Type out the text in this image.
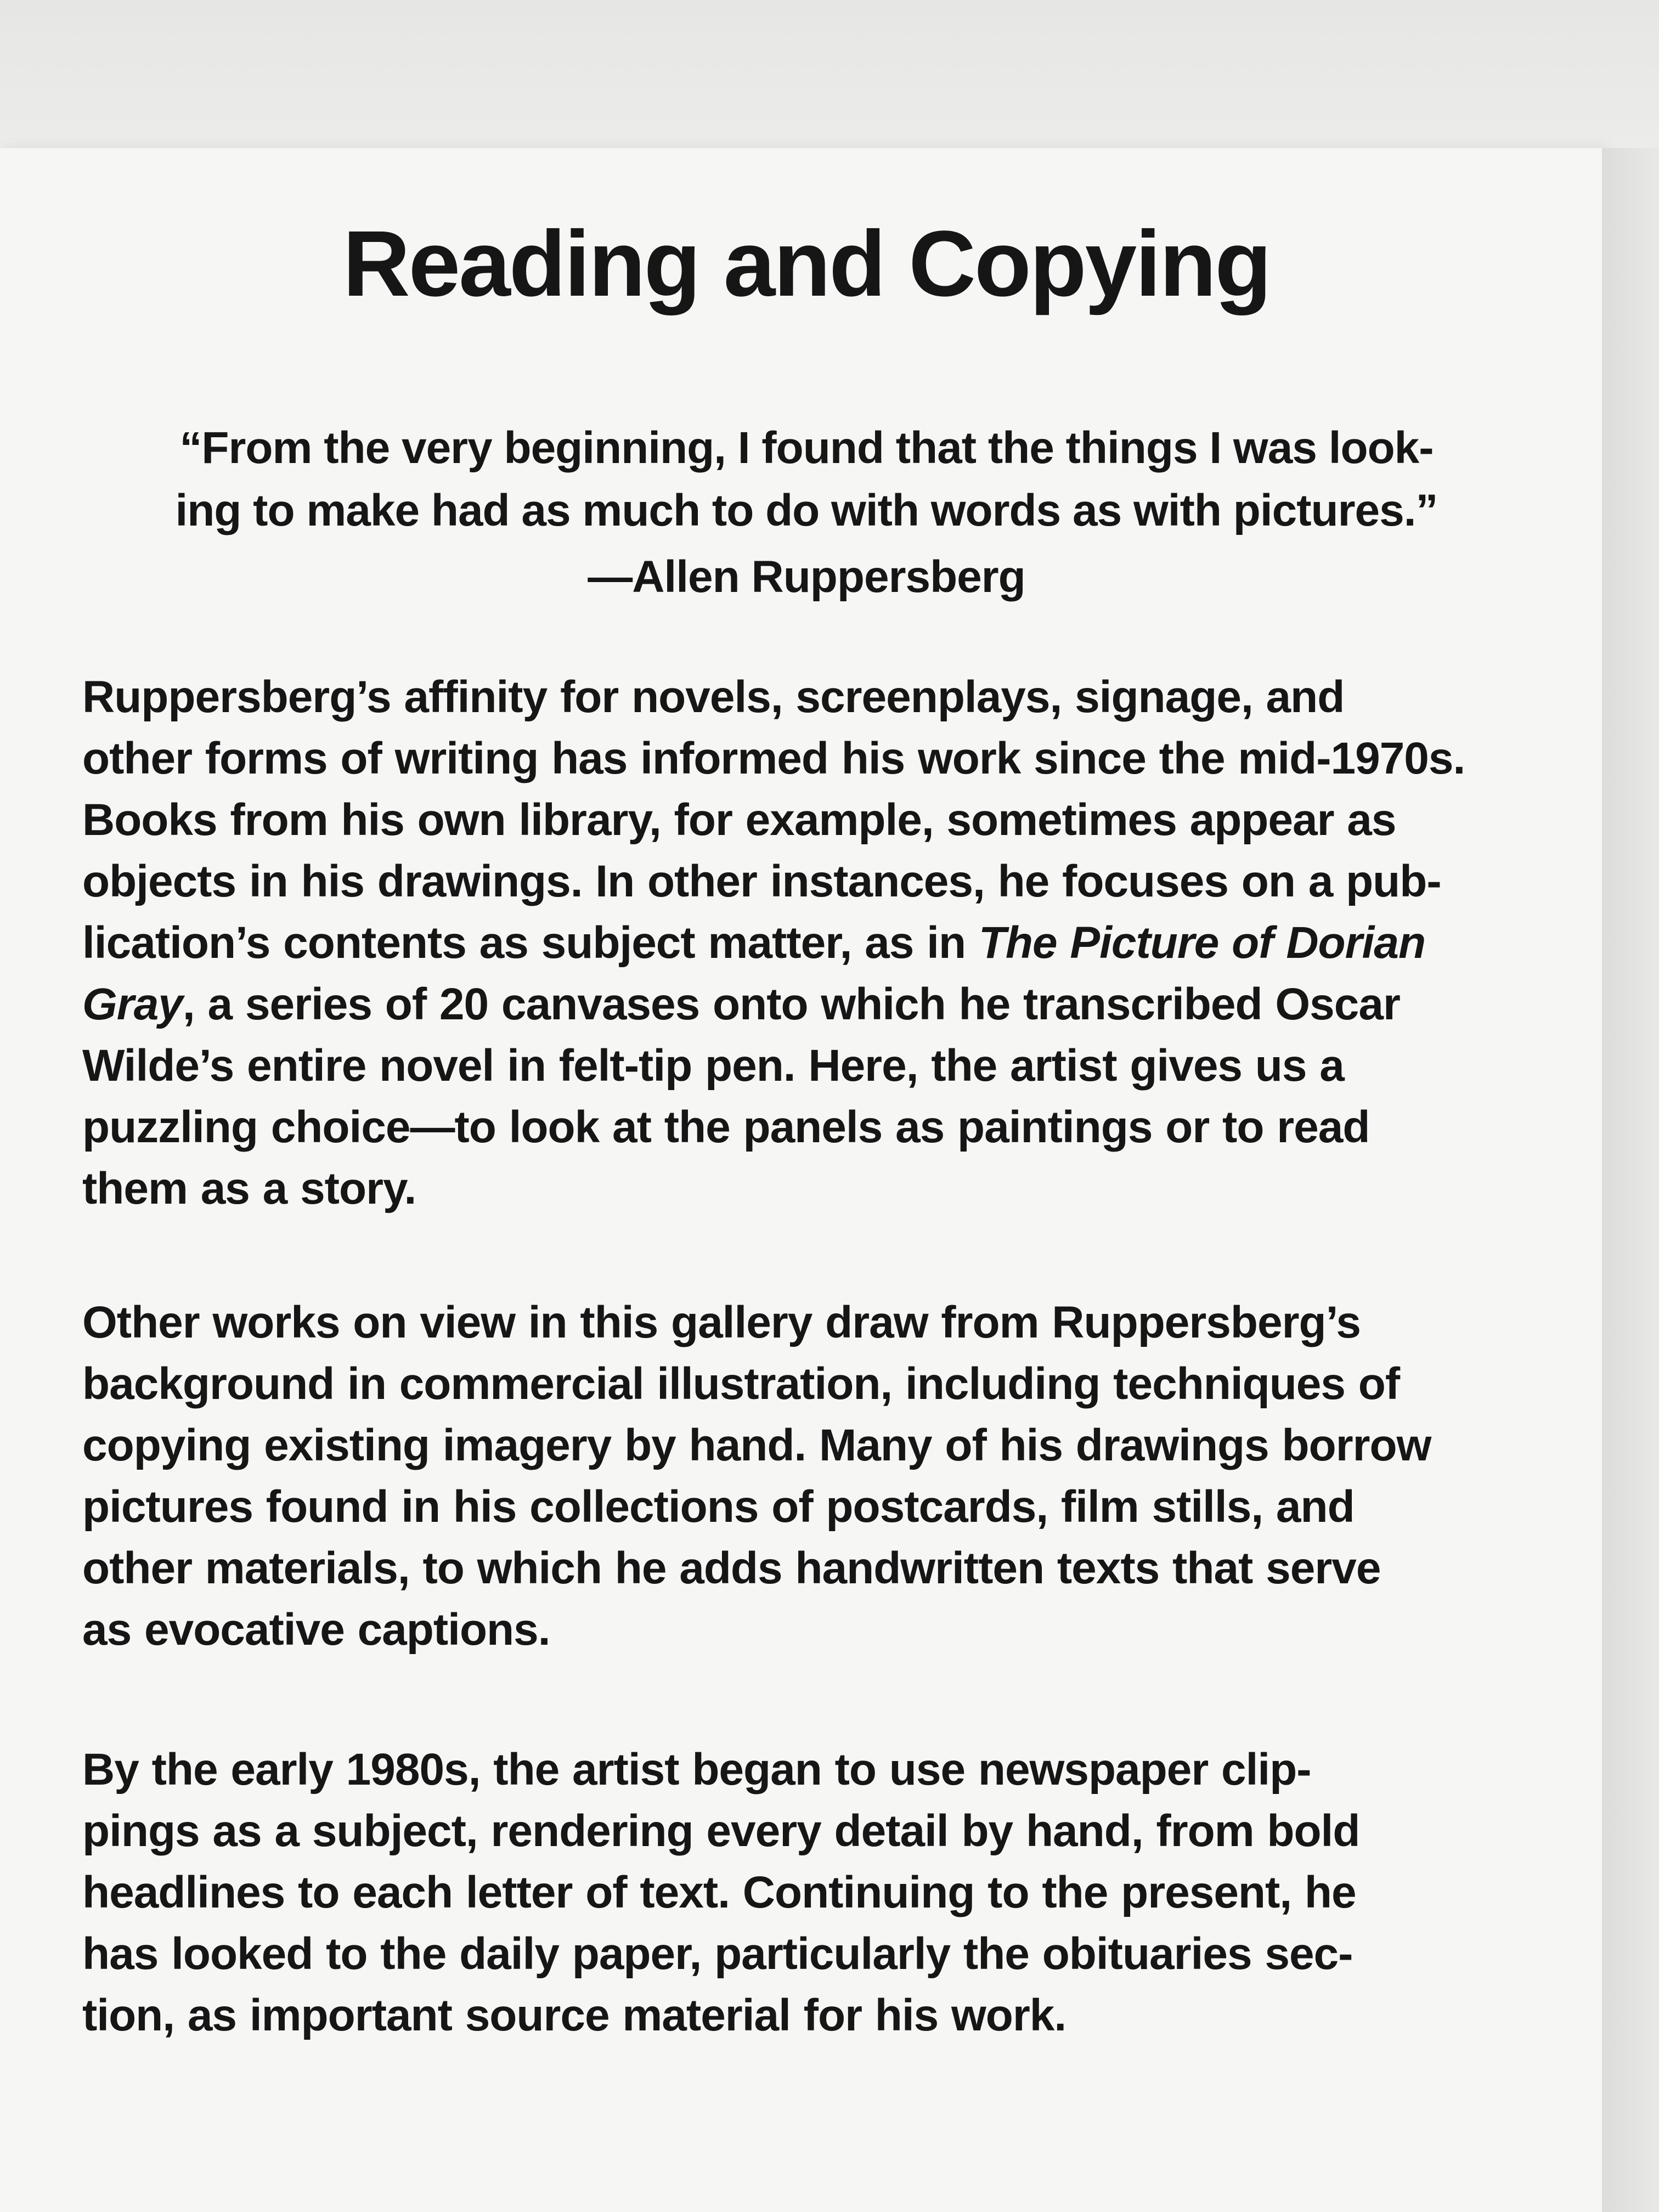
Reading and Copying

“From the very beginning, I found that the things I was look-
ing to make had as much to do with words as with pictures.”

—Allen Ruppersberg

Ruppersberg’s affinity for novels, screenplays, signage, and
other forms of writing has informed his work since the mid-1970s.
Books from his own library, for example, sometimes appear as
objects in his drawings. In other instances, he focuses on a pub-
lication’s contents as subject matter, as in The Picture of Dorian
Gray, a series of 20 canvases onto which he transcribed Oscar
Wilde’s entire novel in felt-tip pen. Here, the artist gives us a
puzzling choice—to look at the panels as paintings or to read
them as a story.

Other works on view in this gallery draw from Ruppersberg’s
background in commercial illustration, including techniques of
copying existing imagery by hand. Many of his drawings borrow
pictures found in his collections of postcards, film stills, and
other materials, to which he adds handwritten texts that serve
as evocative captions.

By the early 1980s, the artist began to use newspaper clip-
pings as a subject, rendering every detail by hand, from bold
headlines to each letter of text. Continuing to the present, he
has looked to the daily paper, particularly the obituaries sec-
tion, as important source material for his work.
